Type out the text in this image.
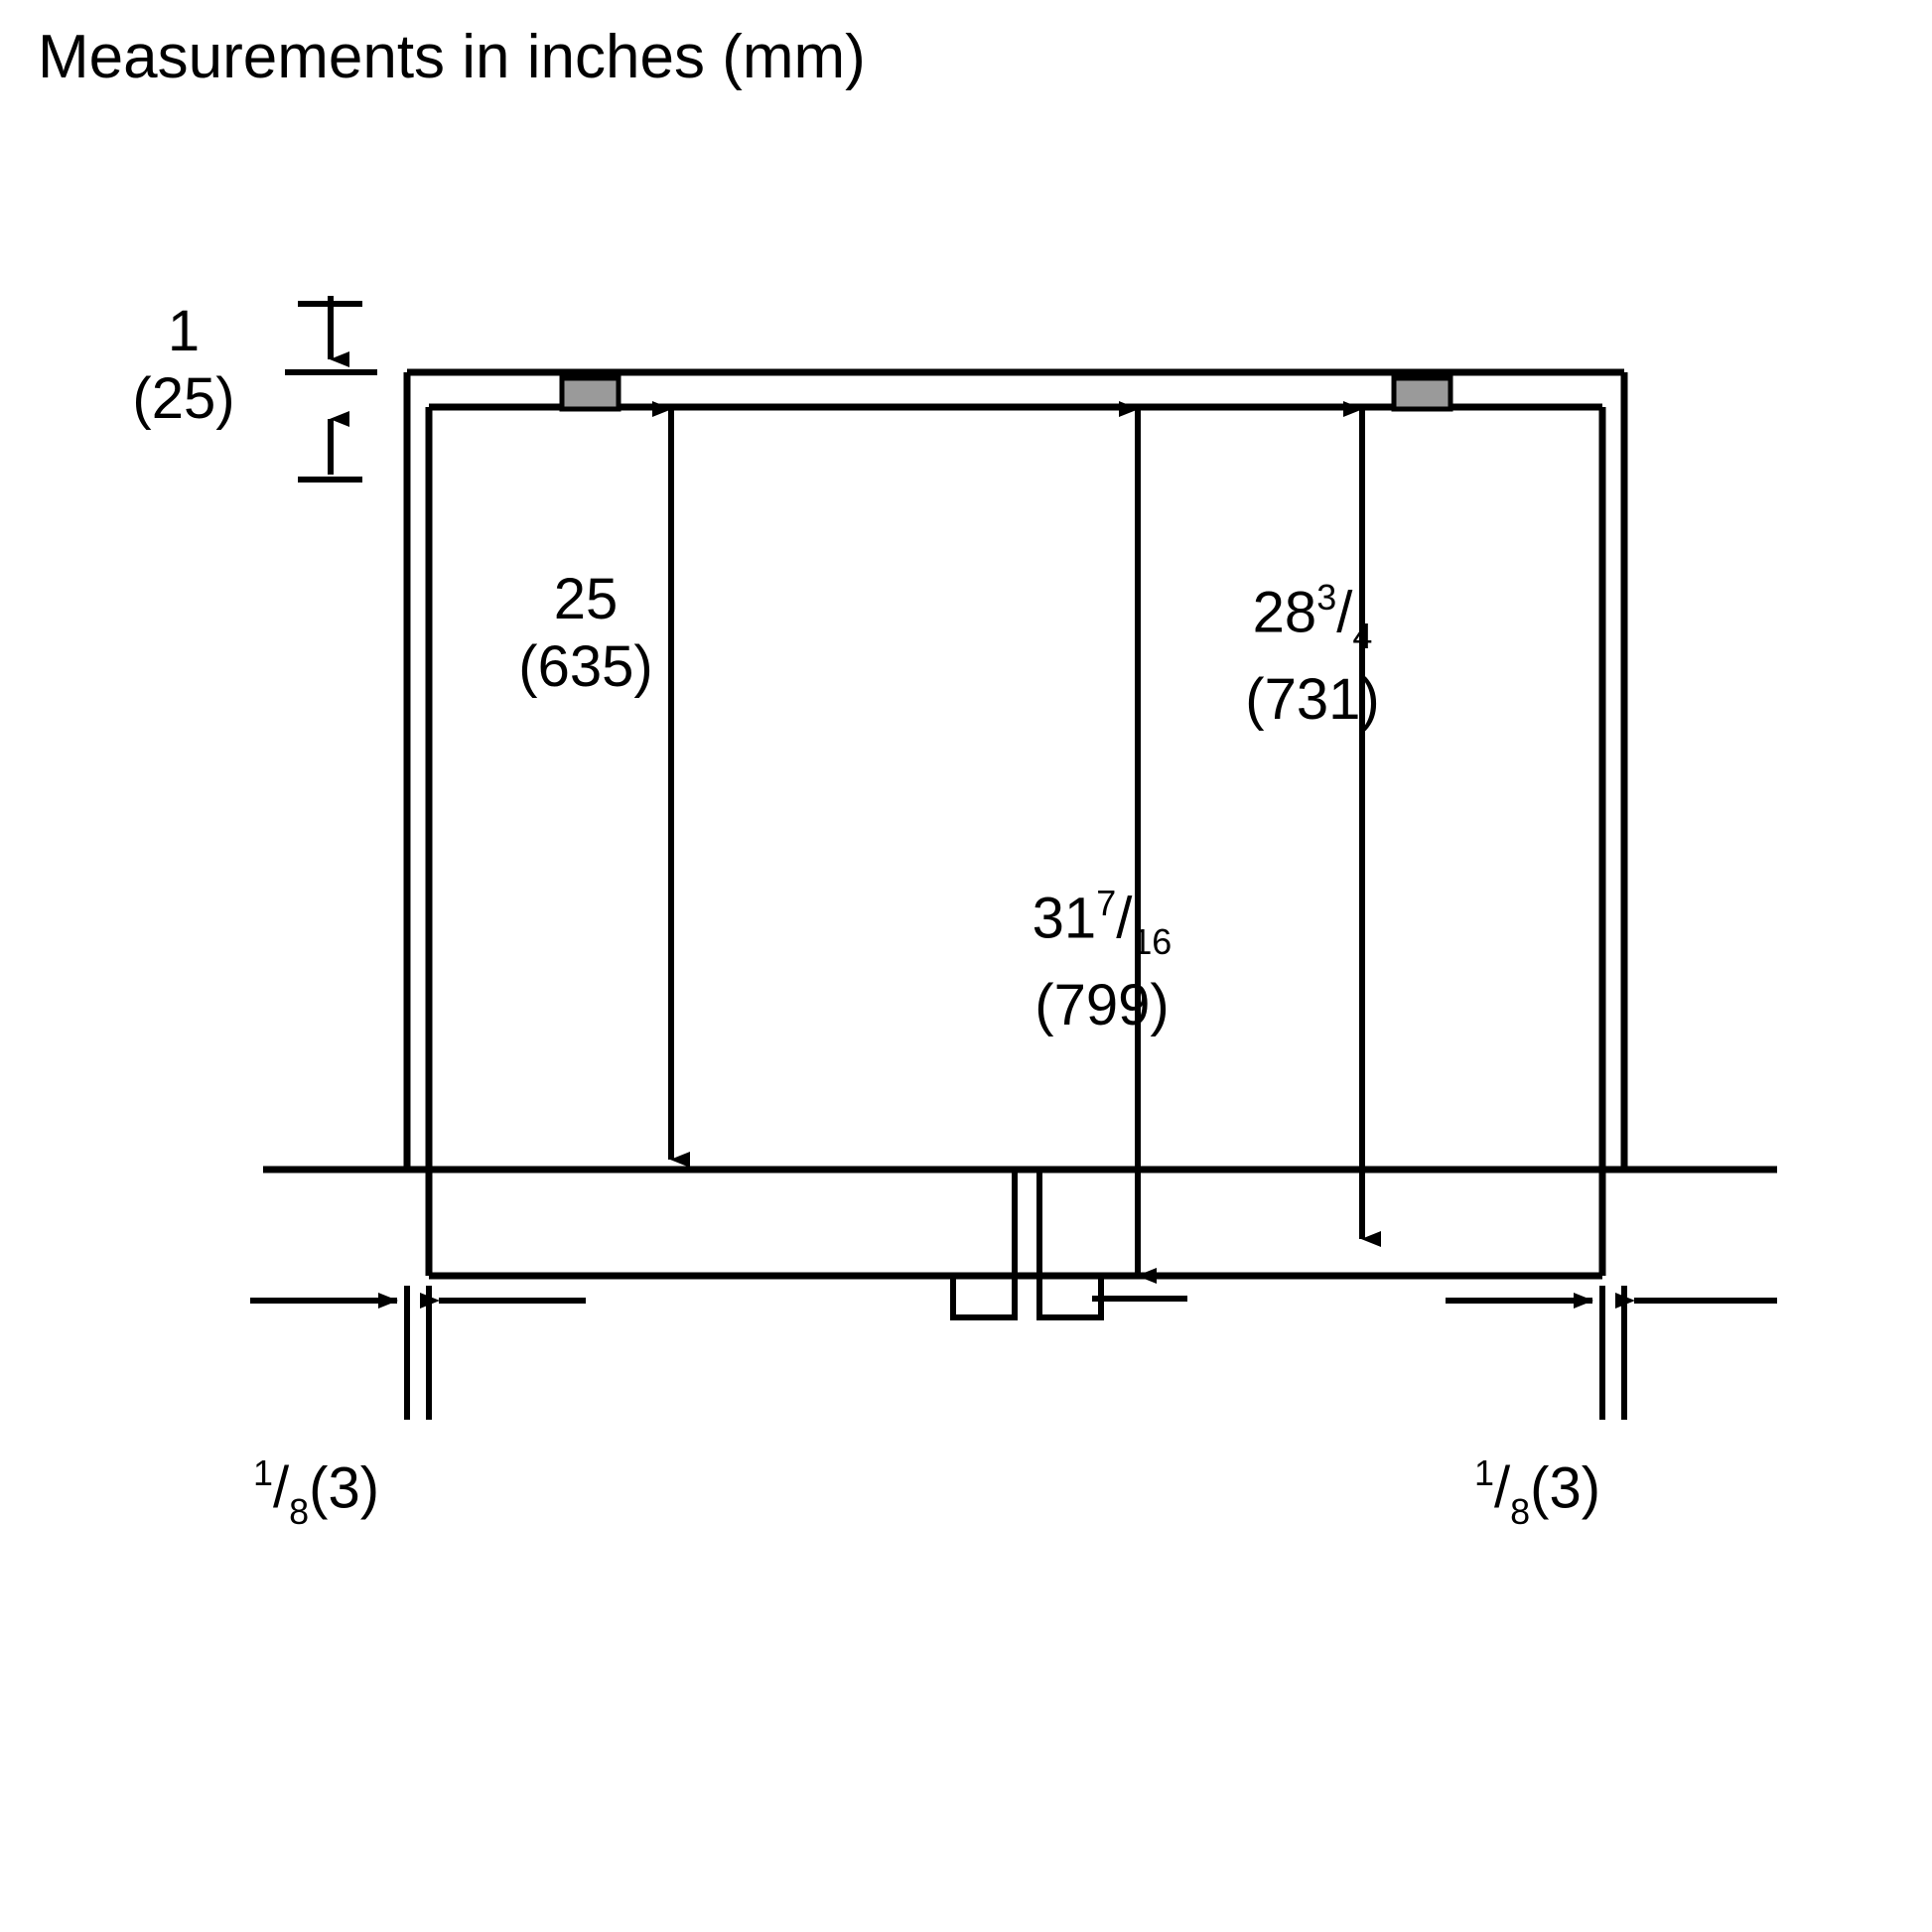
Measurements in inches (mm)
1
(25)
25
(635)
$28^3/_4$
(731)
$31^7/_{16}$
(799)
$^1/_8(3)$	$^1/_8(3)$
